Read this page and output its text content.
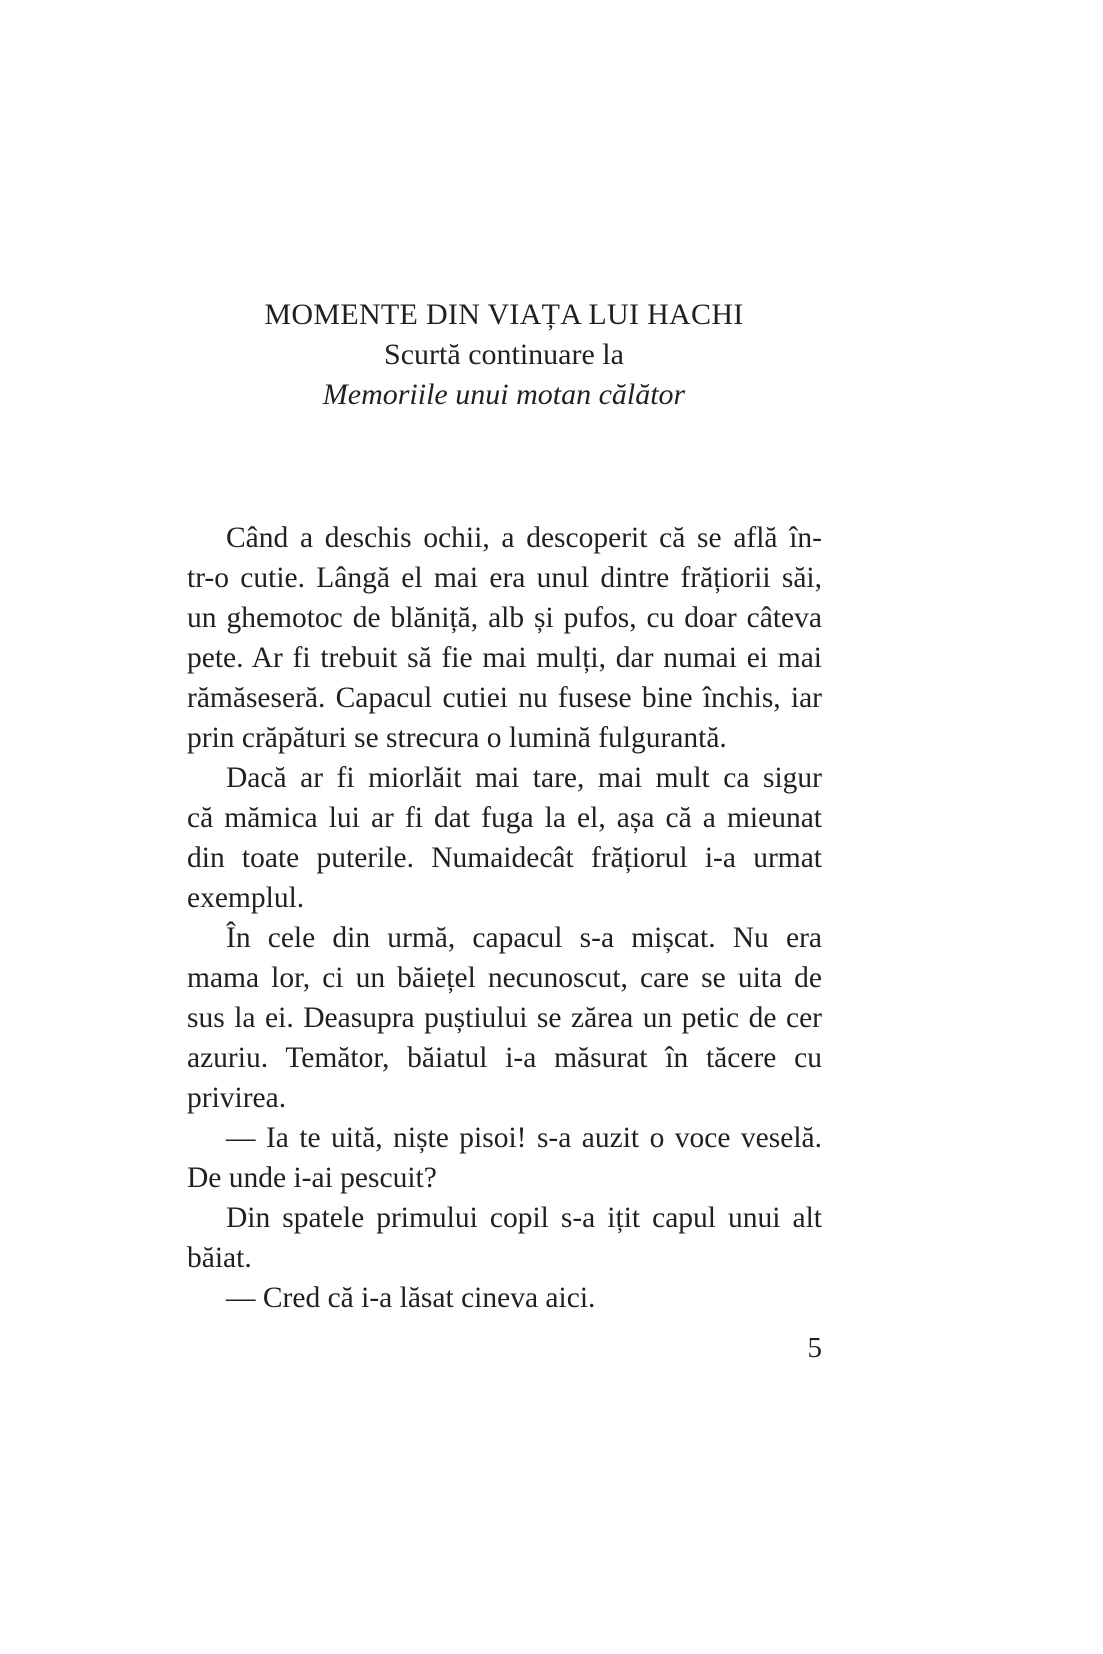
MOMENTE DIN VIAȚA LUI HACHI
Scurtă continuare la
Memoriile unui motan călător
Când a deschis ochii, a descoperit că se află în-
tr-o cutie. Lângă el mai era unul dintre frățiorii săi,
un ghemotoc de blăniță, alb și pufos, cu doar câteva
pete. Ar fi trebuit să fie mai mulți, dar numai ei mai
rămăseseră. Capacul cutiei nu fusese bine închis, iar
prin crăpături se strecura o lumină fulgurantă.
Dacă ar fi miorlăit mai tare, mai mult ca sigur
că mămica lui ar fi dat fuga la el, așa că a mieunat
din toate puterile. Numaidecât frățiorul i-a urmat
exemplul.
În cele din urmă, capacul s-a mișcat. Nu era
mama lor, ci un băiețel necunoscut, care se uita de
sus la ei. Deasupra puștiului se zărea un petic de cer
azuriu. Temător, băiatul i-a măsurat în tăcere cu
privirea.
— Ia te uită, niște pisoi! s-a auzit o voce veselă.
De unde i-ai pescuit?
Din spatele primului copil s-a ițit capul unui alt
băiat.
— Cred că i-a lăsat cineva aici.
5
